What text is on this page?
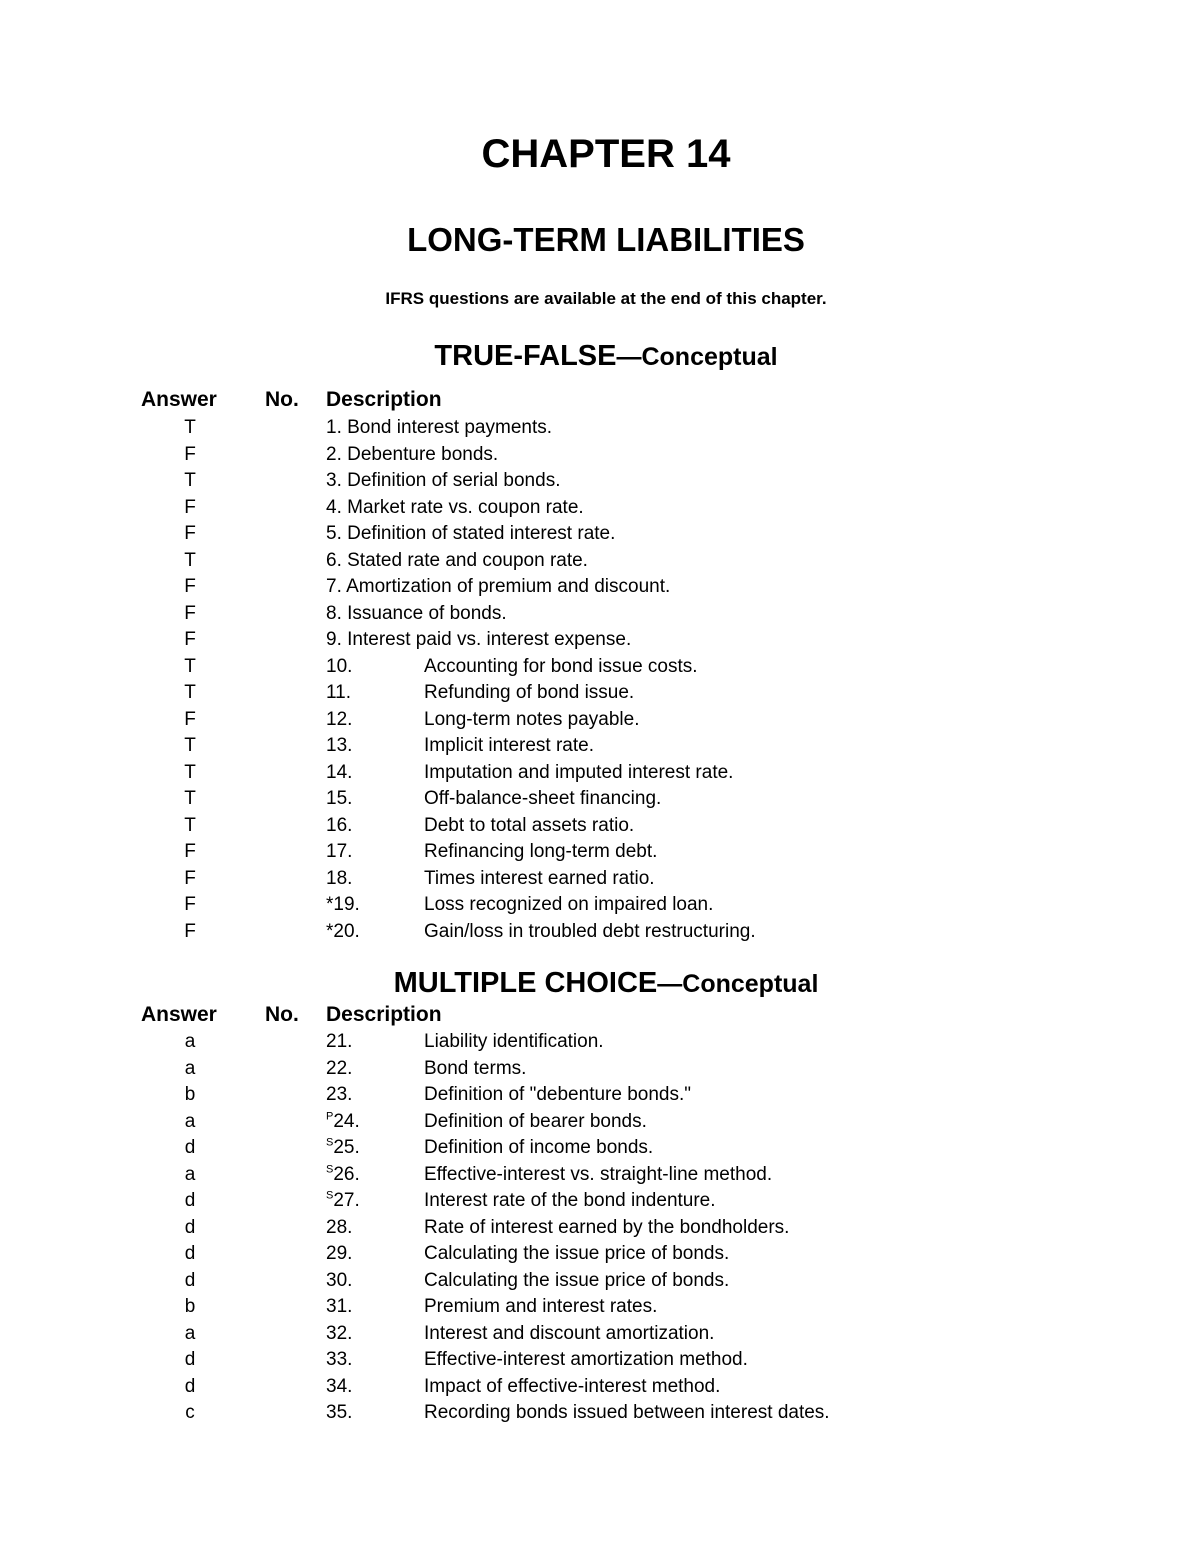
CHAPTER 14
LONG-TERM LIABILITIES
IFRS questions are available at the end of this chapter.
TRUE-FALSE—Conceptual
Answer No. Description
T	1. Bond interest payments.
F	2. Debenture bonds.
T	3. Definition of serial bonds.
F	4. Market rate vs. coupon rate.
F	5. Definition of stated interest rate.
T	6. Stated rate and coupon rate.
F	7. Amortization of premium and discount.
F	8. Issuance of bonds.
F	9. Interest paid vs. interest expense.
T	10.	Accounting for bond issue costs.
T	11.	Refunding of bond issue.
F	12.	Long-term notes payable.
T	13.	Implicit interest rate.
T	14.	Imputation and imputed interest rate.
T	15.	Off-balance-sheet financing.
T	16.	Debt to total assets ratio.
F	17.	Refinancing long-term debt.
F	18.	Times interest earned ratio.
F	*19.	Loss recognized on impaired loan.
F	*20.	Gain/loss in troubled debt restructuring.
MULTIPLE CHOICE—Conceptual
Answer No. Description
a	21.	Liability identification.
a	22.	Bond terms.
b	23.	Definition of "debenture bonds."
a	$^P$24.	Definition of bearer bonds.
d	$^S$25.	Definition of income bonds.
a	$^S$26.	Effective-interest vs. straight-line method.
d	$^S$27.	Interest rate of the bond indenture.
d	28.	Rate of interest earned by the bondholders.
d	29.	Calculating the issue price of bonds.
d	30.	Calculating the issue price of bonds.
b	31.	Premium and interest rates.
a	32.	Interest and discount amortization.
d	33.	Effective-interest amortization method.
d	34.	Impact of effective-interest method.
c	35.	Recording bonds issued between interest dates.
